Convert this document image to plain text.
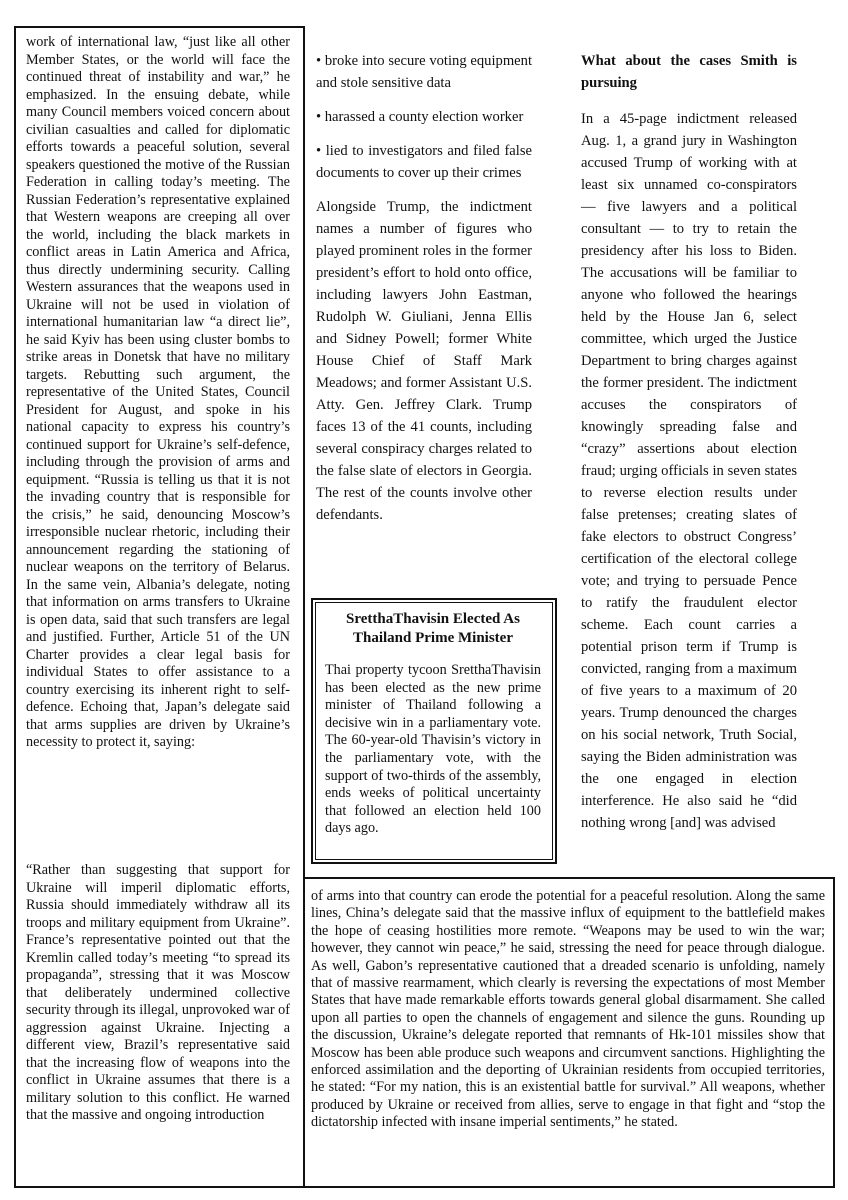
work of international law, “just like all other Member States, or the world will face the continued threat of instability and war,” he emphasized. In the ensuing debate, while many Council members voiced concern about civilian casualties and called for diplomatic efforts towards a peaceful solution, several speakers questioned the motive of the Russian Federation in calling today’s meeting. The Russian Federation’s representative explained that Western weapons are creeping all over the world, including the black markets in conflict areas in Latin America and Africa, thus directly undermining security. Calling Western assurances that the weapons used in Ukraine will not be used in violation of international humanitarian law “a direct lie”, he said Kyiv has been using cluster bombs to strike areas in Donetsk that have no military targets. Rebutting such argument, the representative of the United States, Council President for August, and spoke in his national capacity to express his country’s continued support for Ukraine’s self-defence, including through the provision of arms and equipment. “Russia is telling us that it is not the invading country that is responsible for the crisis,” he said, denouncing Moscow’s irresponsible nuclear rhetoric, including their announcement regarding the stationing of nuclear weapons on the territory of Belarus. In the same vein, Albania’s delegate, noting that information on arms transfers to Ukraine is open data, said that such transfers are legal and justified. Further, Article 51 of the UN Charter provides a clear legal basis for individual States to offer assistance to a country exercising its inherent right to self-defence. Echoing that, Japan’s delegate said that arms supplies are driven by Ukraine’s necessity to protect it, saying:
“Rather than suggesting that support for Ukraine will imperil diplomatic efforts, Russia should immediately withdraw all its troops and military equipment from Ukraine”. France’s representative pointed out that the Kremlin called today’s meeting “to spread its propaganda”, stressing that it was Moscow that deliberately undermined collective security through its illegal, unprovoked war of aggression against Ukraine. Injecting a different view, Brazil’s representative said that the increasing flow of weapons into the conflict in Ukraine assumes that there is a military solution to this conflict. He warned that the massive and ongoing introduction

• broke into secure voting equipment and stole sensitive data

• harassed a county election worker

• lied to investigators and filed false documents to cover up their crimes

Alongside Trump, the indictment names a number of figures who played prominent roles in the former president’s effort to hold onto office, including lawyers John Eastman, Rudolph W. Giuliani, Jenna Ellis and Sidney Powell; former White House Chief of Staff Mark Meadows; and former Assistant U.S. Atty. Gen. Jeffrey Clark. Trump faces 13 of the 41 counts, including several conspiracy charges related to the false slate of electors in Georgia. The rest of the counts involve other defendants.

SretthaThavisin Elected As Thailand Prime Minister

Thai property tycoon SretthaThavisin has been elected as the new prime minister of Thailand following a decisive win in a parliamentary vote. The 60-year-old Thavisin’s victory in the parliamentary vote, with the support of two-thirds of the assembly, ends weeks of political uncertainty that followed an election held 100 days ago.

What about the cases Smith is pursuing

In a 45-page indictment released Aug. 1, a grand jury in Washington accused Trump of working with at least six unnamed co-conspirators — five lawyers and a political consultant — to try to retain the presidency after his loss to Biden. The accusations will be familiar to anyone who followed the hearings held by the House Jan 6, select committee, which urged the Justice Department to bring charges against the former president. The indictment accuses the conspirators of knowingly spreading false and “crazy” assertions about election fraud; urging officials in seven states to reverse election results under false pretenses; creating slates of fake electors to obstruct Congress’ certification of the electoral college vote; and trying to persuade Pence to ratify the fraudulent elector scheme. Each count carries a potential prison term if Trump is convicted, ranging from a maximum of five years to a maximum of 20 years. Trump denounced the charges on his social network, Truth Social, saying the Biden administration was the one engaged in election interference. He also said he “did nothing wrong [and] was advised

of arms into that country can erode the potential for a peaceful resolution. Along the same lines, China’s delegate said that the massive influx of equipment to the battlefield makes the hope of ceasing hostilities more remote. “Weapons may be used to win the war; however, they cannot win peace,” he said, stressing the need for peace through dialogue. As well, Gabon’s representative cautioned that a dreaded scenario is unfolding, namely that of massive rearmament, which clearly is reversing the expectations of most Member States that have made remarkable efforts towards general global disarmament. She called upon all parties to open the channels of engagement and silence the guns. Rounding up the discussion, Ukraine’s delegate reported that remnants of Hk-101 missiles show that Moscow has been able produce such weapons and circumvent sanctions. Highlighting the enforced assimilation and the deporting of Ukrainian residents from occupied territories, he stated: “For my nation, this is an existential battle for survival.” All weapons, whether produced by Ukraine or received from allies, serve to engage in that fight and “stop the dictatorship infected with insane imperial sentiments,” he stated.
